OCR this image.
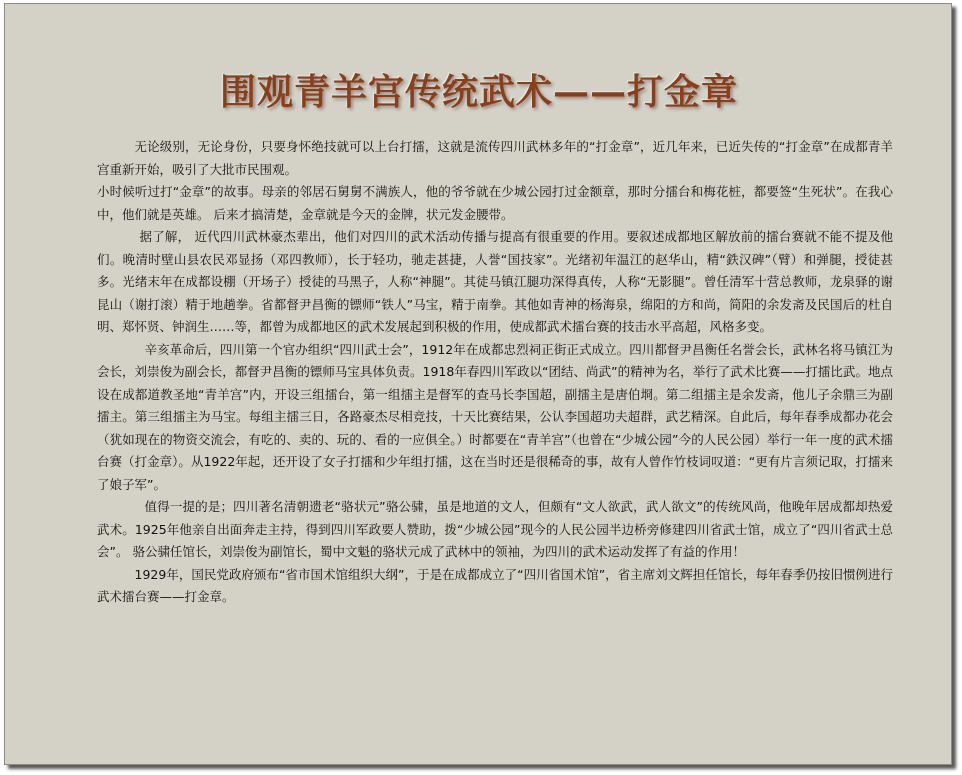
围观青羊宫传统武术——打金章

无论级别，无论身份，只要身怀绝技就可以上台打擂，这就是流传四川武林多年的“打金章”，近几年来，已近失传的“打金章”在成都青羊宫重新开始，吸引了大批市民围观。

小时候听过打“金章”的故事。母亲的邻居石舅舅不满族人，他的爷爷就在少城公园打过金额章，那时分擂台和梅花桩，都要签“生死状”。在我心中，他们就是英雄。 后来才搞清楚，金章就是今天的金牌，状元发金腰带。

据了解， 近代四川武林豪杰辈出，他们对四川的武术活动传播与提高有很重要的作用。要叙述成都地区解放前的擂台赛就不能不提及他们。晚清时壁山县农民邓显扬（邓四教师），长于轻功，驰走甚捷，人誉“国技家”。光绪初年温江的赵华山，精“鉄汉碑”（臂）和弹腿，授徒甚多。光绪末年在成都设棚（开场子）授徒的马黑子，人称“神腿”。其徒马镇江腿功深得真传，人称“无影腿”。曾任清军十营总教师，龙泉驿的谢昆山（谢打滚）精于地趟拳。省都督尹昌衡的镖师“铁人”马宝，精于南拳。其他如青神的杨海泉，绵阳的方和尚，简阳的余发斋及民国后的杜自明、郑怀贤、钟润生……等，都曾为成都地区的武术发展起到积极的作用，使成都武术擂台赛的技击水平高超，风格多变。

辛亥革命后，四川第一个官办组织“四川武士会”，1912年在成都忠烈祠正街正式成立。四川都督尹昌衡任名誉会长，武林名将马镇江为会长，刘崇俊为副会长，都督尹昌衡的镖师马宝具体负责。1918年春四川军政以“团结、尚武”的精神为名，举行了武术比赛——打擂比武。地点设在成都道教圣地“青羊宫”内，开设三组擂台，第一组擂主是督军的查马长李国超，副擂主是唐伯埛。第二组擂主是余发斋，他儿子余鼎三为副擂主。第三组擂主为马宝。每组主擂三日，各路豪杰尽相竞技，十天比赛结果，公认李国超功夫超群，武艺精深。自此后，每年春季成都办花会（犹如现在的物资交流会，有吃的、卖的、玩的、看的一应俱全。）时都要在“青羊宫”（也曾在“少城公园”今的人民公园）举行一年一度的武术擂台赛（打金章）。从1922年起，还开设了女子打擂和少年组打擂，这在当时还是很稀奇的事，故有人曾作竹枝词叹道：“更有片言须记取，打擂来了娘子军”。

值得一提的是；四川著名清朝遗老“骆状元”骆公骕，虽是地道的文人，但颇有“文人欲武，武人欲文”的传统风尚，他晚年居成都却热爱武术。1925年他亲自出面奔走主持，得到四川军政要人赞助，拨“少城公园”现今的人民公园半边桥旁修建四川省武士馆，成立了“四川省武士总会”。 骆公骕任馆长，刘崇俊为副馆长，蜀中文魁的骆状元成了武林中的领袖，为四川的武术运动发挥了有益的作用！

1929年，国民党政府颁布“省市国术馆组织大纲”，于是在成都成立了“四川省国术馆”，省主席刘文辉担任馆长，每年春季仍按旧惯例进行武术擂台赛——打金章。
